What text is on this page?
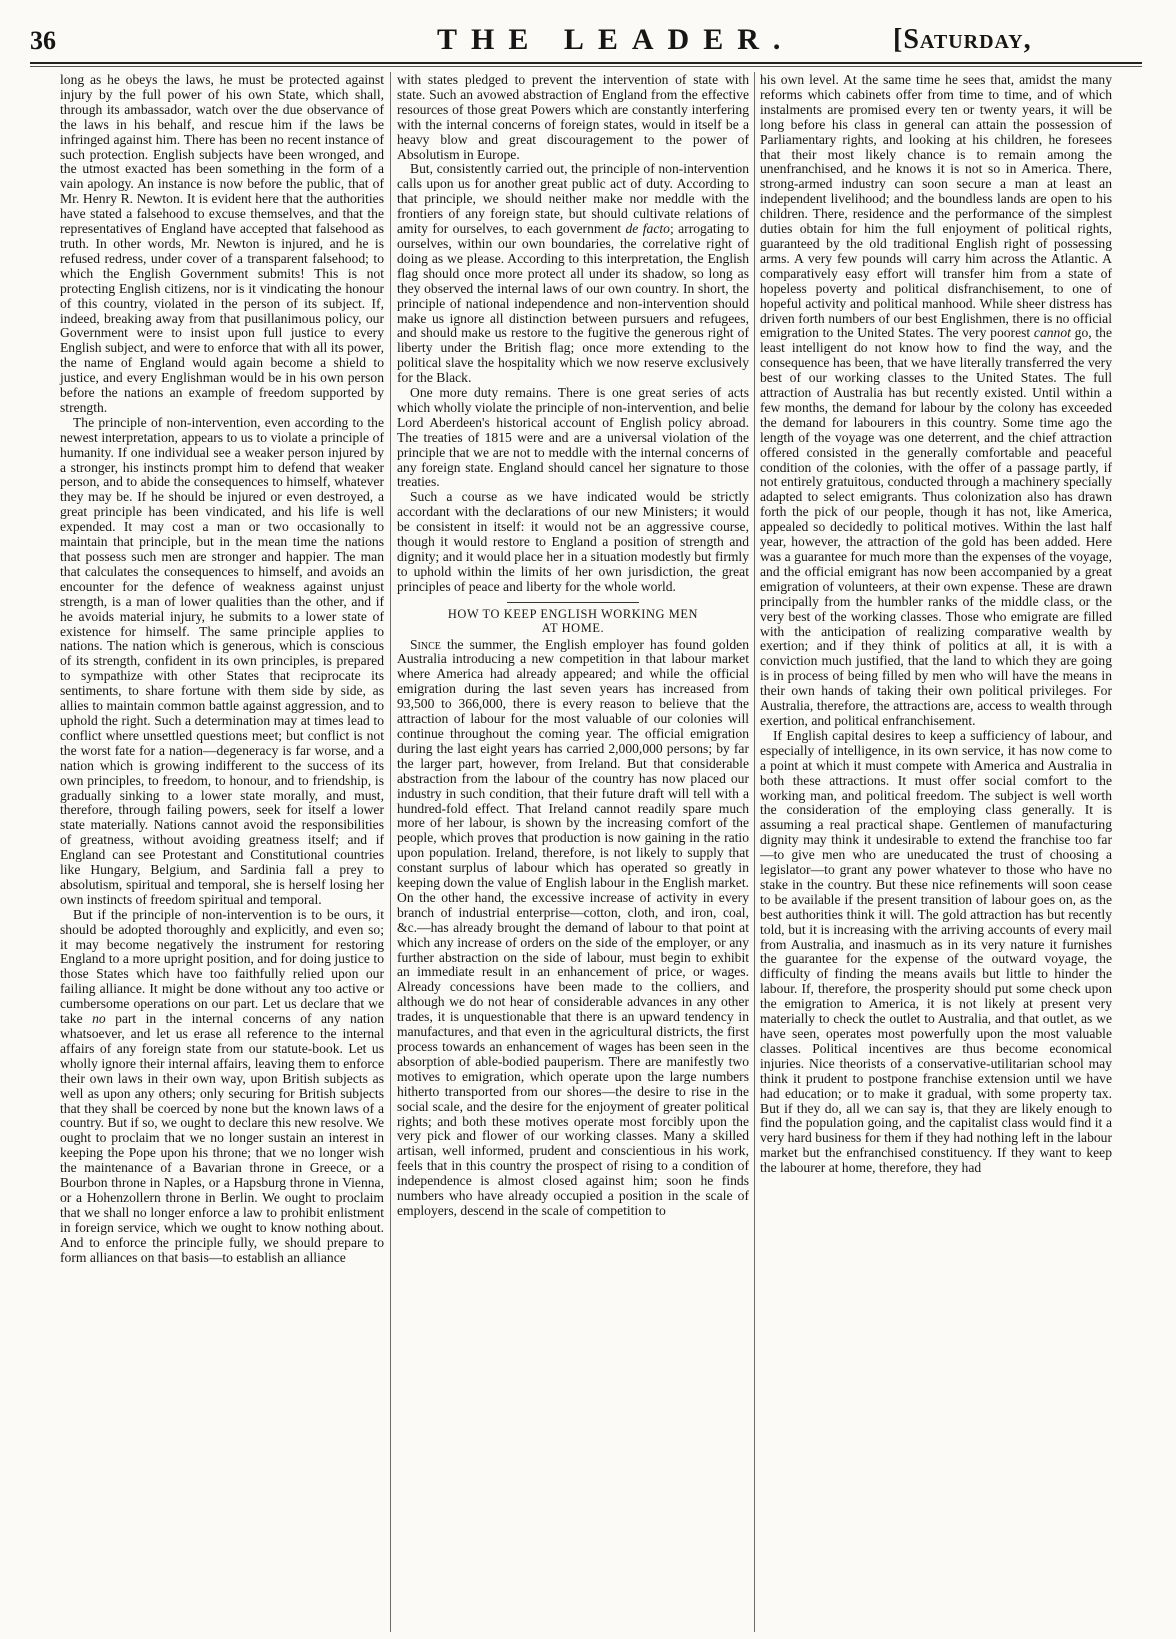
36	THE LEADER.	[Saturday,

long as he obeys the laws, he must be protected against injury by the full power of his own State, which shall, through its ambassador, watch over the due observance of the laws in his behalf, and rescue him if the laws be infringed against him. There has been no recent instance of such protection. English subjects have been wronged, and the utmost exacted has been something in the form of a vain apology. An instance is now before the public, that of Mr. Henry R. Newton. It is evident here that the authorities have stated a falsehood to excuse themselves, and that the representatives of England have accepted that falsehood as truth. In other words, Mr. Newton is injured, and he is refused redress, under cover of a transparent falsehood; to which the English Government submits! This is not protecting English citizens, nor is it vindicating the honour of this country, violated in the person of its subject. If, indeed, breaking away from that pusillanimous policy, our Government were to insist upon full justice to every English subject, and were to enforce that with all its power, the name of England would again become a shield to justice, and every Englishman would be in his own person before the nations an example of freedom supported by strength.

The principle of non-intervention, even according to the newest interpretation, appears to us to violate a principle of humanity. If one individual see a weaker person injured by a stronger, his instincts prompt him to defend that weaker person, and to abide the consequences to himself, whatever they may be. If he should be injured or even destroyed, a great principle has been vindicated, and his life is well expended. It may cost a man or two occasionally to maintain that principle, but in the mean time the nations that possess such men are stronger and happier. The man that calculates the consequences to himself, and avoids an encounter for the defence of weakness against unjust strength, is a man of lower qualities than the other, and if he avoids material injury, he submits to a lower state of existence for himself. The same principle applies to nations. The nation which is generous, which is conscious of its strength, confident in its own principles, is prepared to sympathize with other States that reciprocate its sentiments, to share fortune with them side by side, as allies to maintain common battle against aggression, and to uphold the right. Such a determination may at times lead to conflict where unsettled questions meet; but conflict is not the worst fate for a nation—degeneracy is far worse, and a nation which is growing indifferent to the success of its own principles, to freedom, to honour, and to friendship, is gradually sinking to a lower state morally, and must, therefore, through failing powers, seek for itself a lower state materially. Nations cannot avoid the responsibilities of greatness, without avoiding greatness itself; and if England can see Protestant and Constitutional countries like Hungary, Belgium, and Sardinia fall a prey to absolutism, spiritual and temporal, she is herself losing her own instincts of freedom spiritual and temporal.

But if the principle of non-intervention is to be ours, it should be adopted thoroughly and explicitly, and even so; it may become negatively the instrument for restoring England to a more upright position, and for doing justice to those States which have too faithfully relied upon our failing alliance. It might be done without any too active or cumbersome operations on our part. Let us declare that we take no part in the internal concerns of any nation whatsoever, and let us erase all reference to the internal affairs of any foreign state from our statute-book. Let us wholly ignore their internal affairs, leaving them to enforce their own laws in their own way, upon British subjects as well as upon any others; only securing for British subjects that they shall be coerced by none but the known laws of a country. But if so, we ought to declare this new resolve. We ought to proclaim that we no longer sustain an interest in keeping the Pope upon his throne; that we no longer wish the maintenance of a Bavarian throne in Greece, or a Bourbon throne in Naples, or a Hapsburg throne in Vienna, or a Hohenzollern throne in Berlin. We ought to proclaim that we shall no longer enforce a law to prohibit enlistment in foreign service, which we ought to know nothing about. And to enforce the principle fully, we should prepare to form alliances on that basis—to establish an alliance

with states pledged to prevent the intervention of state with state. Such an avowed abstraction of England from the effective resources of those great Powers which are constantly interfering with the internal concerns of foreign states, would in itself be a heavy blow and great discouragement to the power of Absolutism in Europe.

But, consistently carried out, the principle of non-intervention calls upon us for another great public act of duty. According to that principle, we should neither make nor meddle with the frontiers of any foreign state, but should cultivate relations of amity for ourselves, to each government de facto; arrogating to ourselves, within our own boundaries, the correlative right of doing as we please. According to this interpretation, the English flag should once more protect all under its shadow, so long as they observed the internal laws of our own country. In short, the principle of national independence and non-intervention should make us ignore all distinction between pursuers and refugees, and should make us restore to the fugitive the generous right of liberty under the British flag; once more extending to the political slave the hospitality which we now reserve exclusively for the Black.

One more duty remains. There is one great series of acts which wholly violate the principle of non-intervention, and belie Lord Aberdeen's historical account of English policy abroad. The treaties of 1815 were and are a universal violation of the principle that we are not to meddle with the internal concerns of any foreign state. England should cancel her signature to those treaties.

Such a course as we have indicated would be strictly accordant with the declarations of our new Ministers; it would be consistent in itself: it would not be an aggressive course, though it would restore to England a position of strength and dignity; and it would place her in a situation modestly but firmly to uphold within the limits of her own jurisdiction, the great principles of peace and liberty for the whole world.

HOW TO KEEP ENGLISH WORKING MEN
AT HOME.

Since the summer, the English employer has found golden Australia introducing a new competition in that labour market where America had already appeared; and while the official emigration during the last seven years has increased from 93,500 to 366,000, there is every reason to believe that the attraction of labour for the most valuable of our colonies will continue throughout the coming year. The official emigration during the last eight years has carried 2,000,000 persons; by far the larger part, however, from Ireland. But that considerable abstraction from the labour of the country has now placed our industry in such condition, that their future draft will tell with a hundred-fold effect. That Ireland cannot readily spare much more of her labour, is shown by the increasing comfort of the people, which proves that production is now gaining in the ratio upon population. Ireland, therefore, is not likely to supply that constant surplus of labour which has operated so greatly in keeping down the value of English labour in the English market. On the other hand, the excessive increase of activity in every branch of industrial enterprise—cotton, cloth, and iron, coal, &c.—has already brought the demand of labour to that point at which any increase of orders on the side of the employer, or any further abstraction on the side of labour, must begin to exhibit an immediate result in an enhancement of price, or wages. Already concessions have been made to the colliers, and although we do not hear of considerable advances in any other trades, it is unquestionable that there is an upward tendency in manufactures, and that even in the agricultural districts, the first process towards an enhancement of wages has been seen in the absorption of able-bodied pauperism. There are manifestly two motives to emigration, which operate upon the large numbers hitherto transported from our shores—the desire to rise in the social scale, and the desire for the enjoyment of greater political rights; and both these motives operate most forcibly upon the very pick and flower of our working classes. Many a skilled artisan, well informed, prudent and conscientious in his work, feels that in this country the prospect of rising to a condition of independence is almost closed against him; soon he finds numbers who have already occupied a position in the scale of employers, descend in the scale of competition to

his own level. At the same time he sees that, amidst the many reforms which cabinets offer from time to time, and of which instalments are promised every ten or twenty years, it will be long before his class in general can attain the possession of Parliamentary rights, and looking at his children, he foresees that their most likely chance is to remain among the unenfranchised, and he knows it is not so in America. There, strong-armed industry can soon secure a man at least an independent livelihood; and the boundless lands are open to his children. There, residence and the performance of the simplest duties obtain for him the full enjoyment of political rights, guaranteed by the old traditional English right of possessing arms. A very few pounds will carry him across the Atlantic. A comparatively easy effort will transfer him from a state of hopeless poverty and political disfranchisement, to one of hopeful activity and political manhood. While sheer distress has driven forth numbers of our best Englishmen, there is no official emigration to the United States. The very poorest cannot go, the least intelligent do not know how to find the way, and the consequence has been, that we have literally transferred the very best of our working classes to the United States. The full attraction of Australia has but recently existed. Until within a few months, the demand for labour by the colony has exceeded the demand for labourers in this country. Some time ago the length of the voyage was one deterrent, and the chief attraction offered consisted in the generally comfortable and peaceful condition of the colonies, with the offer of a passage partly, if not entirely gratuitous, conducted through a machinery specially adapted to select emigrants. Thus colonization also has drawn forth the pick of our people, though it has not, like America, appealed so decidedly to political motives. Within the last half year, however, the attraction of the gold has been added. Here was a guarantee for much more than the expenses of the voyage, and the official emigrant has now been accompanied by a great emigration of volunteers, at their own expense. These are drawn principally from the humbler ranks of the middle class, or the very best of the working classes. Those who emigrate are filled with the anticipation of realizing comparative wealth by exertion; and if they think of politics at all, it is with a conviction much justified, that the land to which they are going is in process of being filled by men who will have the means in their own hands of taking their own political privileges. For Australia, therefore, the attractions are, access to wealth through exertion, and political enfranchisement.

If English capital desires to keep a sufficiency of labour, and especially of intelligence, in its own service, it has now come to a point at which it must compete with America and Australia in both these attractions. It must offer social comfort to the working man, and political freedom. The subject is well worth the consideration of the employing class generally. It is assuming a real practical shape. Gentlemen of manufacturing dignity may think it undesirable to extend the franchise too far—to give men who are uneducated the trust of choosing a legislator—to grant any power whatever to those who have no stake in the country. But these nice refinements will soon cease to be available if the present transition of labour goes on, as the best authorities think it will. The gold attraction has but recently told, but it is increasing with the arriving accounts of every mail from Australia, and inasmuch as in its very nature it furnishes the guarantee for the expense of the outward voyage, the difficulty of finding the means avails but little to hinder the labour. If, therefore, the prosperity should put some check upon the emigration to America, it is not likely at present very materially to check the outlet to Australia, and that outlet, as we have seen, operates most powerfully upon the most valuable classes. Political incentives are thus become economical injuries. Nice theorists of a conservative-utilitarian school may think it prudent to postpone franchise extension until we have had education; or to make it gradual, with some property tax. But if they do, all we can say is, that they are likely enough to find the population going, and the capitalist class would find it a very hard business for them if they had nothing left in the labour market but the enfranchised constituency. If they want to keep the labourer at home, therefore, they had
